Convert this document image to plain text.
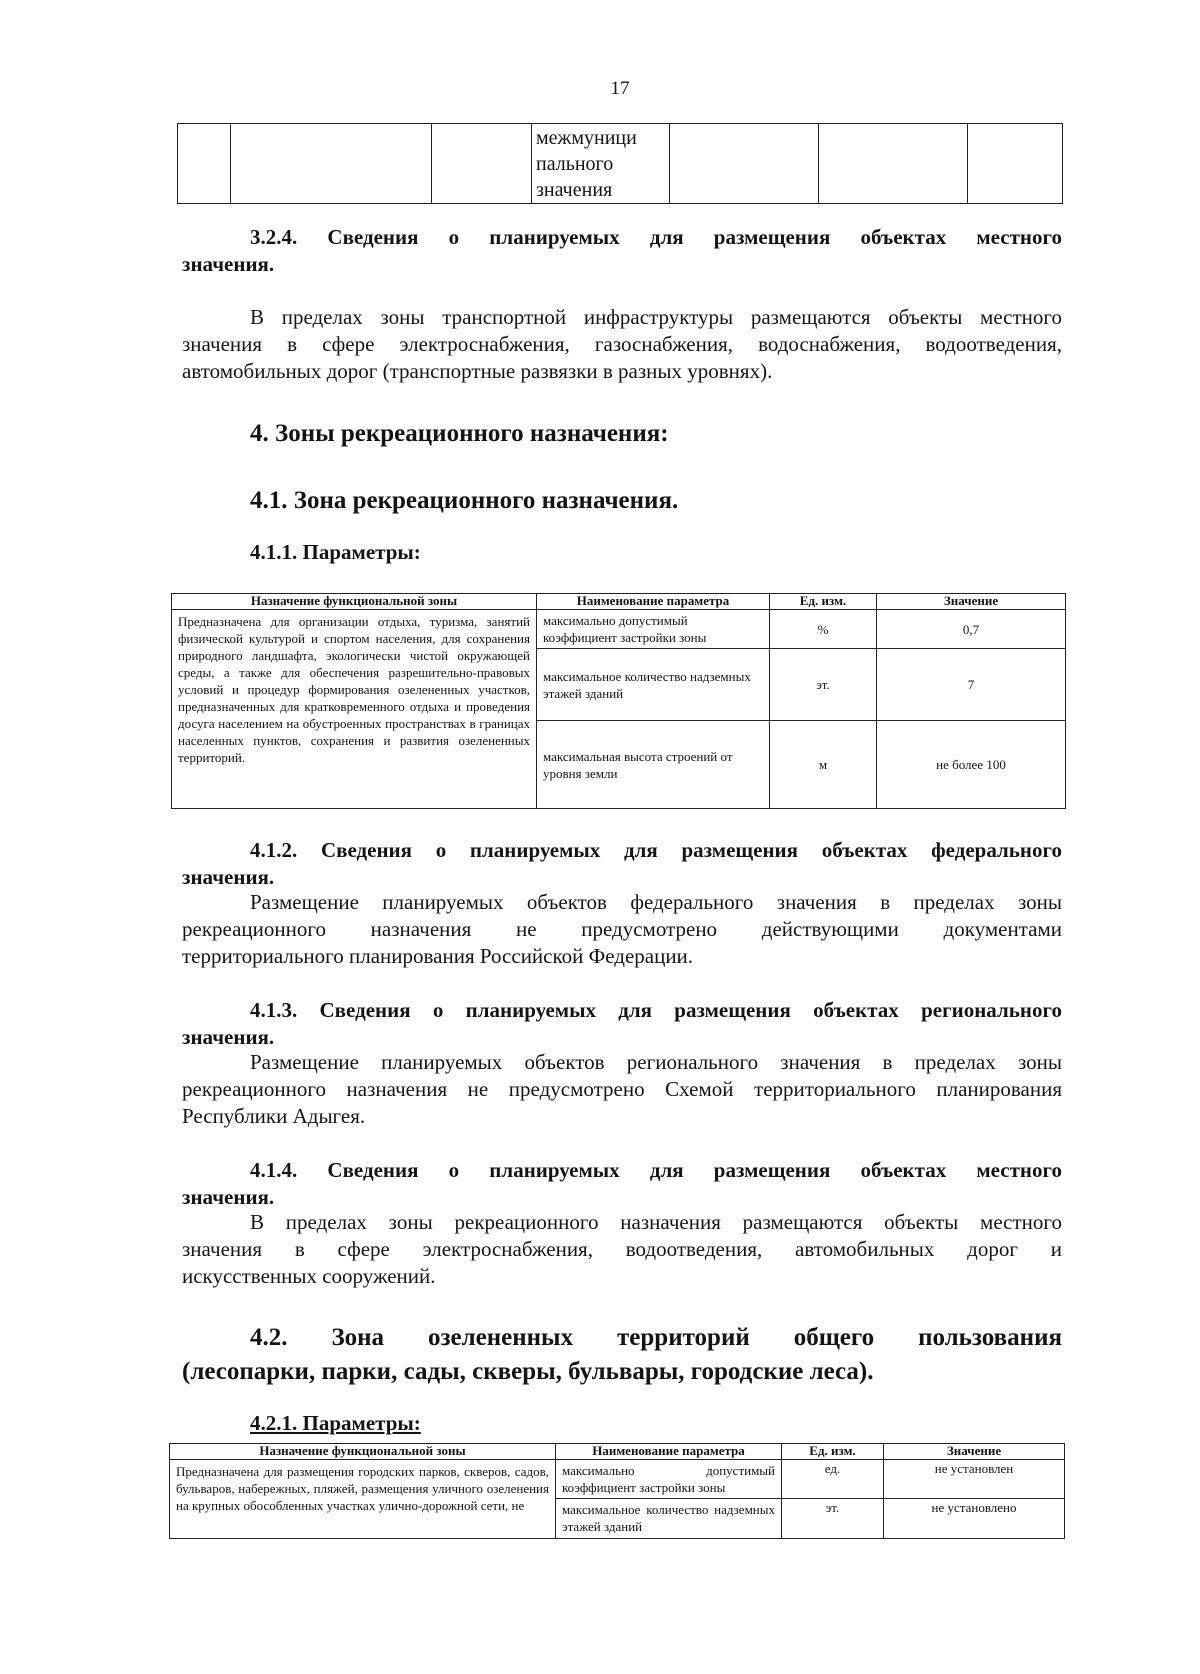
17

межмуници
пального
значения

3.2.4. Сведения о планируемых для размещения объектах местного
значения.
В пределах зоны транспортной инфраструктуры размещаются объекты местного
значения в сфере электроснабжения, газоснабжения, водоснабжения, водоотведения,
автомобильных дорог (транспортные развязки в разных уровнях).
4. Зоны рекреационного назначения:
4.1. Зона рекреационного назначения.
4.1.1. Параметры:
Назначение функциональной зоны	Наименование параметра	Ед. изм.	Значение
Предназначена для организации отдыха, туризма, занятий физической культурой и спортом населения, для сохранения природного ландшафта, экологически чистой окружающей среды, а также для обеспечения разрешительно-правовых условий и процедур формирования озелененных участков, предназначенных для кратковременного отдыха и проведения досуга населением на обустроенных пространствах в границах населенных пунктов, сохранения и развития озелененных территорий.	максимально допустимый коэффициент застройки зоны	%	0,7
	максимальное количество надземных этажей зданий	эт.	7
	максимальная высота строений от уровня земли	м	не более 100
4.1.2. Сведения о планируемых для размещения объектах федерального
значения.
Размещение планируемых объектов федерального значения в пределах зоны
рекреационного назначения не предусмотрено действующими документами
территориального планирования Российской Федерации.
4.1.3. Сведения о планируемых для размещения объектах регионального
значения.
Размещение планируемых объектов регионального значения в пределах зоны
рекреационного назначения не предусмотрено Схемой территориального планирования
Республики Адыгея.
4.1.4. Сведения о планируемых для размещения объектах местного
значения.
В пределах зоны рекреационного назначения размещаются объекты местного
значения в сфере электроснабжения, водоотведения, автомобильных дорог и
искусственных сооружений.
4.2. Зона озелененных территорий общего пользования
(лесопарки, парки, сады, скверы, бульвары, городские леса).
4.2.1. Параметры:
Назначение функциональной зоны	Наименование параметра	Ед. изм.	Значение
Предназначена для размещения городских парков, скверов, садов, бульваров, набережных, пляжей, размещения уличного озеленения на крупных обособленных участках улично-дорожной сети, не	максимально допустимый коэффициент застройки зоны	ед.	не установлен
	максимальное количество надземных этажей зданий	эт.	не установлено
